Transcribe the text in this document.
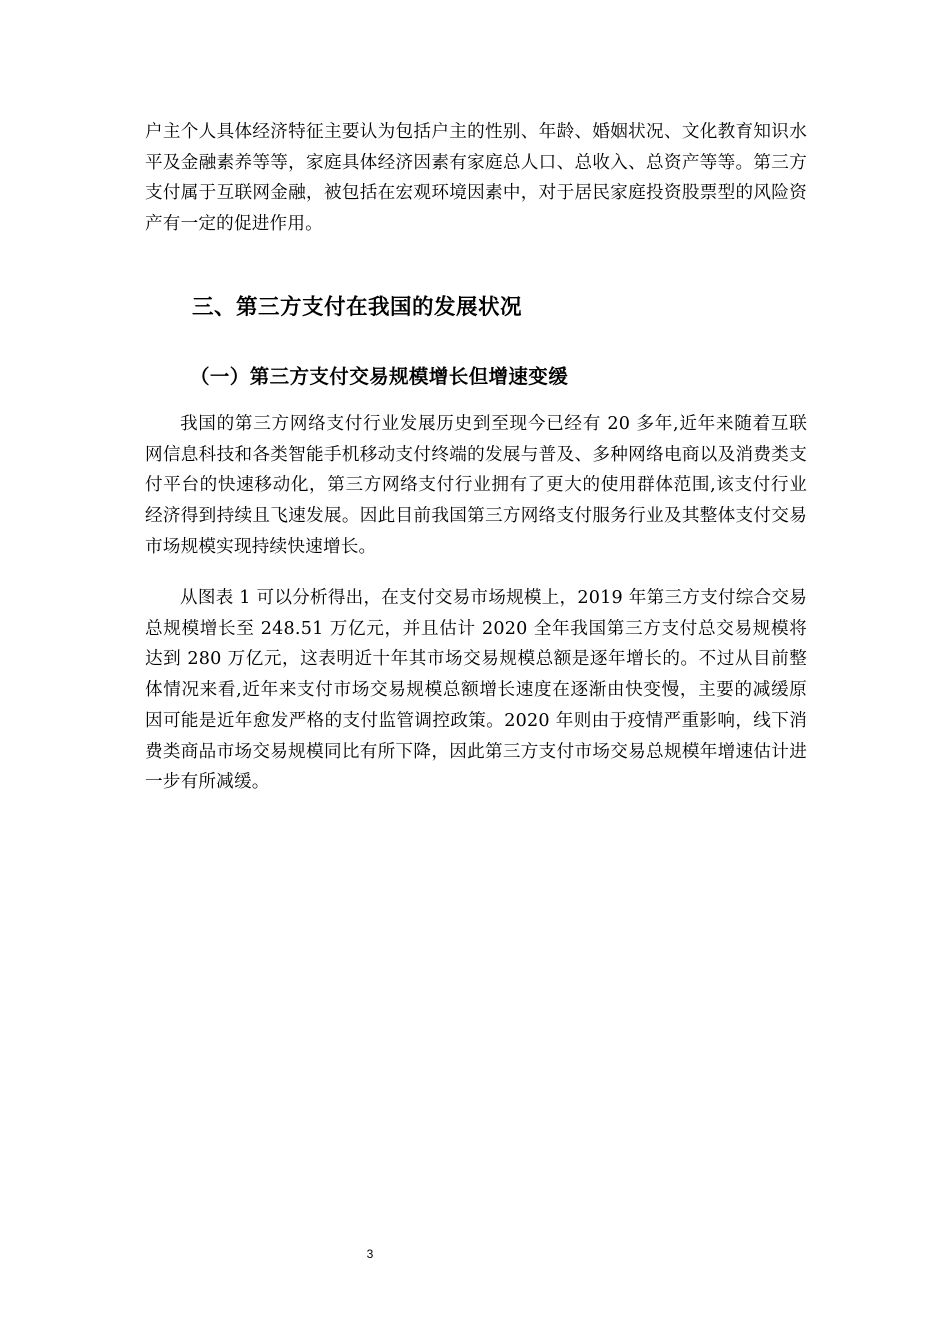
户主个人具体经济特征主要认为包括户主的性别、年龄、婚姻状况、文化教育知识水平及金融素养等等，家庭具体经济因素有家庭总人口、总收入、总资产等等。第三方支付属于互联网金融，被包括在宏观环境因素中，对于居民家庭投资股票型的风险资产有一定的促进作用。

三、第三方支付在我国的发展状况
（一）第三方支付交易规模增长但增速变缓

我国的第三方网络支付行业发展历史到至现今已经有 20 多年,近年来随着互联网信息科技和各类智能手机移动支付终端的发展与普及、多种网络电商以及消费类支付平台的快速移动化，第三方网络支付行业拥有了更大的使用群体范围,该支付行业经济得到持续且飞速发展。因此目前我国第三方网络支付服务行业及其整体支付交易市场规模实现持续快速增长。

从图表 1 可以分析得出，在支付交易市场规模上，2019 年第三方支付综合交易总规模增长至 248.51 万亿元，并且估计 2020 全年我国第三方支付总交易规模将达到 280 万亿元，这表明近十年其市场交易规模总额是逐年增长的。不过从目前整体情况来看,近年来支付市场交易规模总额增长速度在逐渐由快变慢，主要的减缓原因可能是近年愈发严格的支付监管调控政策。2020 年则由于疫情严重影响，线下消费类商品市场交易规模同比有所下降，因此第三方支付市场交易总规模年增速估计进一步有所减缓。

3
